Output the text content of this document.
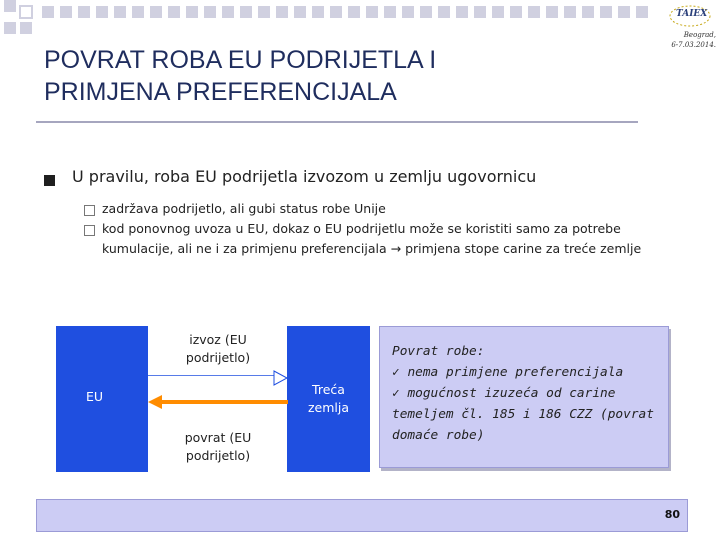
TAIEX
Beograd,
6-7.03.2014.
POVRAT ROBA EU PODRIJETLA I
PRIMJENA PREFERENCIJALA
U pravilu, roba EU podrijetla izvozom u zemlju ugovornicu
zadržava podrijetlo, ali gubi status robe Unije
kod ponovnog uvoza u EU, dokaz o EU podrijetlu može se koristiti samo za potrebe kumulacije, ali ne i za primjenu preferencijala → primjena stope carine za treće zemlje
EU	Treća
zemlja
izvoz (EU
podrijetlo)
povrat (EU
podrijetlo)
Povrat robe:
✓ nema primjene preferencijala
✓ mogućnost izuzeća od carine temeljem čl. 185 i 186 CZZ (povrat domaće robe)
80
